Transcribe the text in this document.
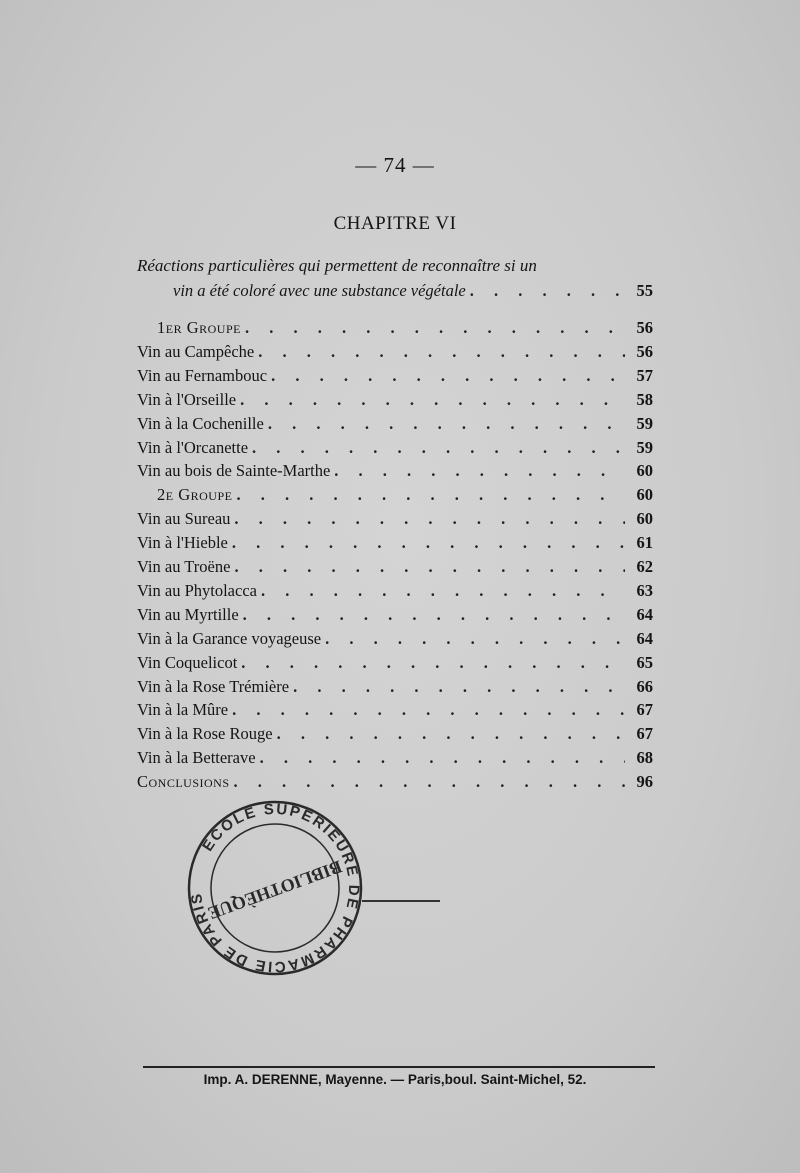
— 74 —
CHAPITRE VI
Réactions particulières qui permettent de reconnaître si un
vin a été coloré avec une substance végétale . . .	55
1er Groupe . . .	56
Vin au Campêche . . .	56
Vin au Fernambouc . . .	57
Vin à l'Orseille . . .	58
Vin à la Cochenille . . .	59
Vin à l'Orcanette . . .	59
Vin au bois de Sainte-Marthe . . .	60
2e Groupe . . .	60
Vin au Sureau . . .	60
Vin à l'Hieble . . .	61
Vin au Troëne . . .	62
Vin au Phytolacca . . .	63
Vin au Myrtille . . .	64
Vin à la Garance voyageuse . . .	64
Vin Coquelicot . . .	65
Vin à la Rose Trémière . . .	66
Vin à la Mûre . . .	67
Vin à la Rose Rouge . . .	67
Vin à la Betterave . . .	68
Conclusions . . .	96
ÉCOLE SUPÉRIEURE DE PHARMACIE DE PARIS
BIBLIOTHÈQUE
Imp. A. DERENNE, Mayenne. — Paris,boul. Saint-Michel, 52.
